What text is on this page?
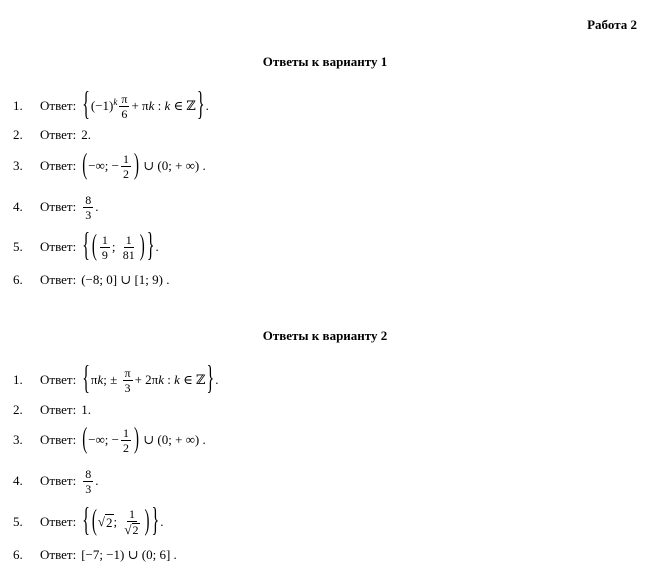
Работа 2
Ответы к варианту 1
1.	Ответ: { $(-1)^k \frac{\pi}{6} + \pi$ k : k ∈ ℤ } .
2.	Ответ: 2.
3.	Ответ: ( −∞; − $\frac{1}{2}$ ) ∪ (0; + ∞) .
4.	Ответ: $\frac{8}{3}$ .
5.	Ответ: { ( $\frac{1}{9}$ ; $\frac{1}{81}$ ) } .
6.	Ответ: (−8; 0] ∪ [1; 9) .
Ответы к варианту 2
1.	Ответ: { π k ; ± $\frac{\pi}{3} + 2\pi$ k : k ∈ ℤ } .
2.	Ответ: 1.
3.	Ответ: ( −∞; − $\frac{1}{2}$ ) ∪ (0; + ∞) .
4.	Ответ: $\frac{8}{3}$ .
5.	Ответ: { ( √ 2 ; $\frac{1}{√ 2}$ ) } .
6.	Ответ: [−7; −1) ∪ (0; 6] .
